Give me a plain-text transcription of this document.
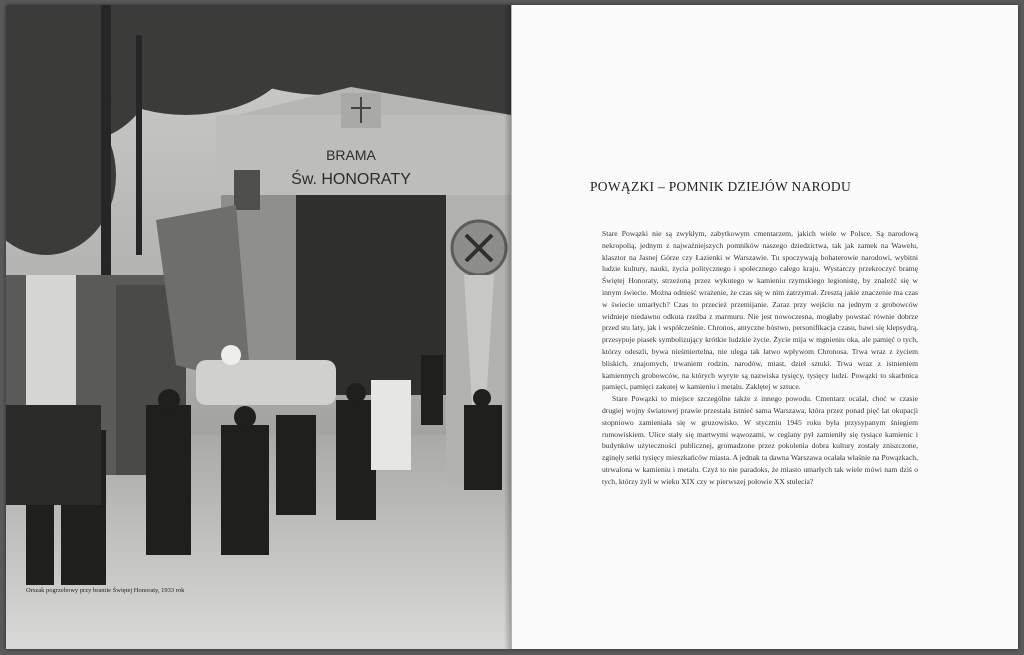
BRAMA
Św. HONORATY
Orszak pogrzebowy przy bramie Świętej Honoraty, 1933 rok
POWĄZKI – POMNIK DZIEJÓW NARODU

Stare Powązki nie są zwykłym, zabytkowym cmentarzem, jakich wiele w Polsce. Są narodową nekropolią, jednym z najważniejszych pomników naszego dziedzictwa, tak jak zamek na Wawelu, klasztor na Jasnej Górze czy Łazienki w Warszawie. Tu spoczywają bohaterowie narodowi, wybitni ludzie kultury, nauki, życia politycznego i społecznego całego kraju. Wystarczy przekroczyć bramę Świętej Honoraty, strzeżoną przez wykutego w kamieniu rzymskiego legionistę, by znaleźć się w innym świecie. Można odnieść wrażenie, że czas się w nim zatrzymał. Zresztą jakie znaczenie ma czas w świecie umarłych? Czas to przecież przemijanie. Zaraz przy wejściu na jednym z grobowców widnieje niedawno odkuta rzeźba z marmuru. Nie jest nowoczesna, mogłaby powstać równie dobrze przed stu laty, jak i współcześnie. Chronos, antyczne bóstwo, personifikacja czasu, bawi się klepsydrą, przesypuje piasek symbolizujący krótkie ludzkie życie. Życie mija w mgnieniu oka, ale pamięć o tych, którzy odeszli, bywa nieśmiertelna, nie ulega tak łatwo wpływom Chronosa. Trwa wraz z życiem bliskich, znajomych, trwaniem rodzin, narodów, miast, dzieł sztuki. Trwa wraz z istnieniem kamiennych grobowców, na których wyryte są nazwiska tysięcy, tysięcy ludzi. Powązki to skarbnica pamięci, pamięci zakutej w kamieniu i metalu. Zaklętej w sztuce.

Stare Powązki to miejsce szczególne także z innego powodu. Cmentarz ocalał, choć w czasie drugiej wojny światowej prawie przestała istnieć sama Warszawa, która przez ponad pięć lat okupacji stopniowo zamieniała się w gruzowisko. W styczniu 1945 roku była przysypanym śniegiem rumowiskiem. Ulice stały się martwymi wąwozami, w ceglany pył zamieniły się tysiące kamienic i budynków użyteczności publicznej, gromadzone przez pokolenia dobra kultury zostały zniszczone, zginęły setki tysięcy mieszkańców miasta. A jednak ta dawna Warszawa ocalała właśnie na Powązkach, utrwalona w kamieniu i metalu. Czyż to nie paradoks, że miasto umarłych tak wiele mówi nam dziś o tych, którzy żyli w wieku XIX czy w pierwszej połowie XX stulecia?
